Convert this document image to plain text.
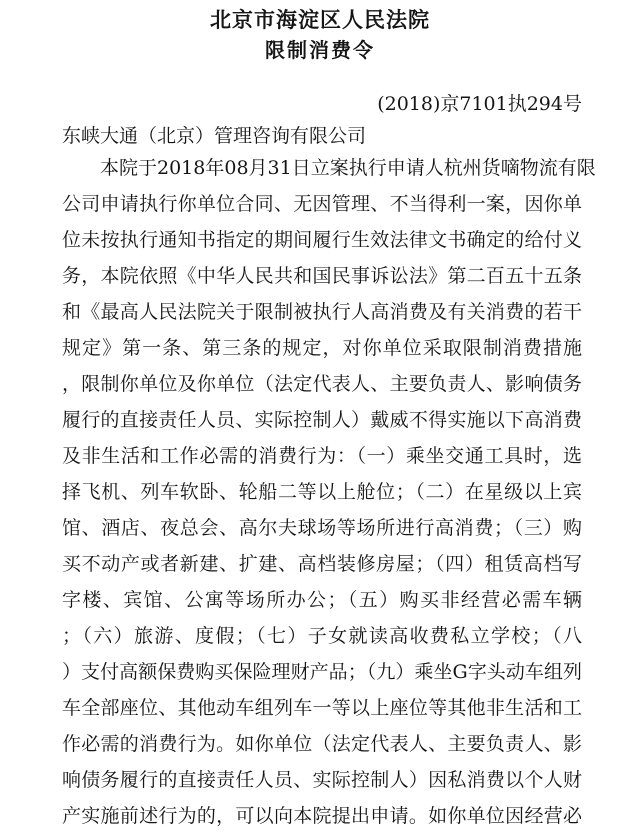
北京市海淀区人民法院
限制消费令
(2018)京7101执294号
东峡大通（北京）管理咨询有限公司
本院于2018年08月31日立案执行申请人杭州货嘀物流有限
公司申请执行你单位合同、无因管理、不当得利一案，因你单
位未按执行通知书指定的期间履行生效法律文书确定的给付义
务，本院依照《中华人民共和国民事诉讼法》第二百五十五条
和《最高人民法院关于限制被执行人高消费及有关消费的若干
规定》第一条、第三条的规定，对你单位采取限制消费措施
，限制你单位及你单位（法定代表人、主要负责人、影响债务
履行的直接责任人员、实际控制人）戴威不得实施以下高消费
及非生活和工作必需的消费行为：（一）乘坐交通工具时，选
择飞机、列车软卧、轮船二等以上舱位；（二）在星级以上宾
馆、酒店、夜总会、高尔夫球场等场所进行高消费；（三）购
买不动产或者新建、扩建、高档装修房屋；（四）租赁高档写
字楼、宾馆、公寓等场所办公；（五）购买非经营必需车辆
；（六）旅游、度假；（七）子女就读高收费私立学校；（八
）支付高额保费购买保险理财产品；（九）乘坐G字头动车组列
车全部座位、其他动车组列车一等以上座位等其他非生活和工
作必需的消费行为。如你单位（法定代表人、主要负责人、影
响债务履行的直接责任人员、实际控制人）因私消费以个人财
产实施前述行为的，可以向本院提出申请。如你单位因经营必
